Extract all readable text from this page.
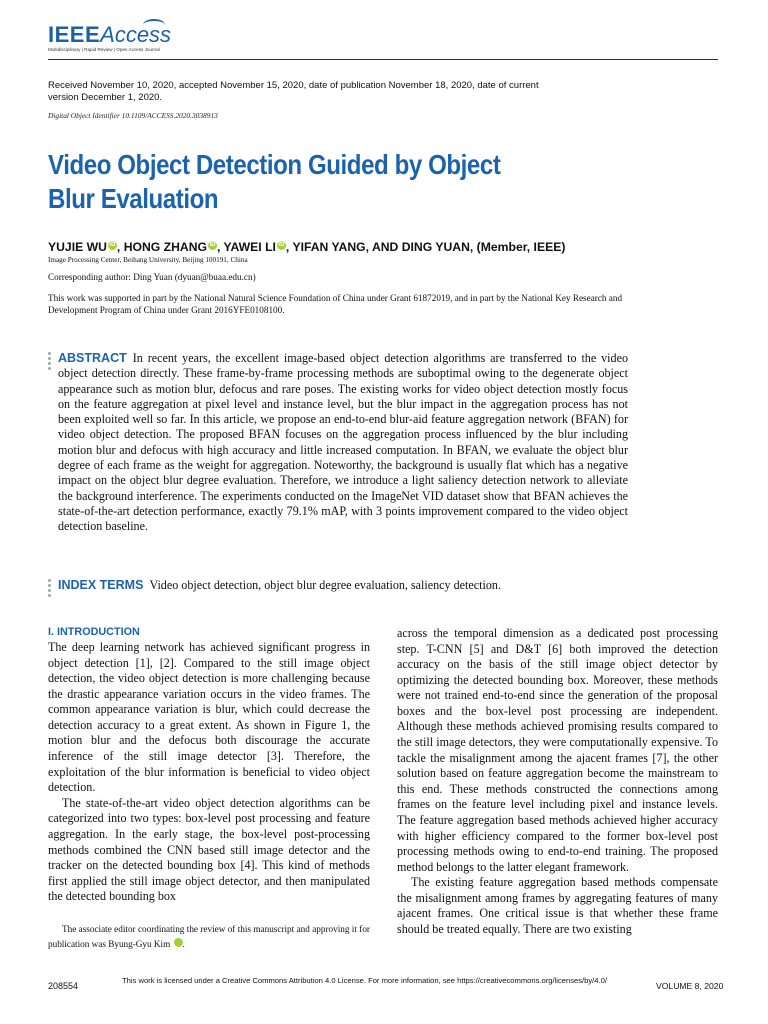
IEEEAccess
Multidisciplinary | Rapid Review | Open Access Journal
Received November 10, 2020, accepted November 15, 2020, date of publication November 18, 2020, date of current version December 1, 2020.
Digital Object Identifier 10.1109/ACCESS.2020.3038913
Video Object Detection Guided by Object Blur Evaluation
YUJIE WU iD , HONG ZHANG iD , YAWEI LI iD , YIFAN YANG, AND DING YUAN, (Member, IEEE)
Image Processing Center, Beihang University, Beijing 100191, China
Corresponding author: Ding Yuan (dyuan@buaa.edu.cn)
This work was supported in part by the National Natural Science Foundation of China under Grant 61872019, and in part by the National Key Research and Development Program of China under Grant 2016YFE0108100.
ABSTRACT In recent years, the excellent image-based object detection algorithms are transferred to the video object detection directly. These frame-by-frame processing methods are suboptimal owing to the degenerate object appearance such as motion blur, defocus and rare poses. The existing works for video object detection mostly focus on the feature aggregation at pixel level and instance level, but the blur impact in the aggregation process has not been exploited well so far. In this article, we propose an end-to-end blur-aid feature aggregation network (BFAN) for video object detection. The proposed BFAN focuses on the aggregation process influenced by the blur including motion blur and defocus with high accuracy and little increased computation. In BFAN, we evaluate the object blur degree of each frame as the weight for aggregation. Noteworthy, the background is usually flat which has a negative impact on the object blur degree evaluation. Therefore, we introduce a light saliency detection network to alleviate the background interference. The experiments conducted on the ImageNet VID dataset show that BFAN achieves the state-of-the-art detection performance, exactly 79.1% mAP, with 3 points improvement compared to the video object detection baseline.
INDEX TERMS Video object detection, object blur degree evaluation, saliency detection.
I. INTRODUCTION

The deep learning network has achieved significant progress in object detection [1], [2]. Compared to the still image object detection, the video object detection is more challenging because the drastic appearance variation occurs in the video frames. The common appearance variation is blur, which could decrease the detection accuracy to a great extent. As shown in Figure 1, the motion blur and the defocus both discourage the accurate inference of the still image detector [3]. Therefore, the exploitation of the blur information is beneficial to video object detection.

The state-of-the-art video object detection algorithms can be categorized into two types: box-level post processing and feature aggregation. In the early stage, the box-level post-processing methods combined the CNN based still image detector and the tracker on the detected bounding box [4]. This kind of methods first applied the still image object detector, and then manipulated the detected bounding box

across the temporal dimension as a dedicated post processing step. T-CNN [5] and D&T [6] both improved the detection accuracy on the basis of the still image object detector by optimizing the detected bounding box. Moreover, these methods were not trained end-to-end since the generation of the proposal boxes and the box-level post processing are independent. Although these methods achieved promising results compared to the still image detectors, they were computationally expensive. To tackle the misalignment among the ajacent frames [7], the other solution based on feature aggregation become the mainstream to this end. These methods constructed the connections among frames on the feature level including pixel and instance levels. The feature aggregation based methods achieved higher accuracy with higher efficiency compared to the former box-level post processing methods owing to end-to-end training. The proposed method belongs to the latter elegant framework.

The existing feature aggregation based methods compensate the misalignment among frames by aggregating features of many ajacent frames. One critical issue is that whether these frame should be treated equally. There are two existing

The associate editor coordinating the review of this manuscript and approving it for publication was Byung-Gyu Kim	iD.
208554
This work is licensed under a Creative Commons Attribution 4.0 License. For more information, see https://creativecommons.org/licenses/by/4.0/
VOLUME 8, 2020
